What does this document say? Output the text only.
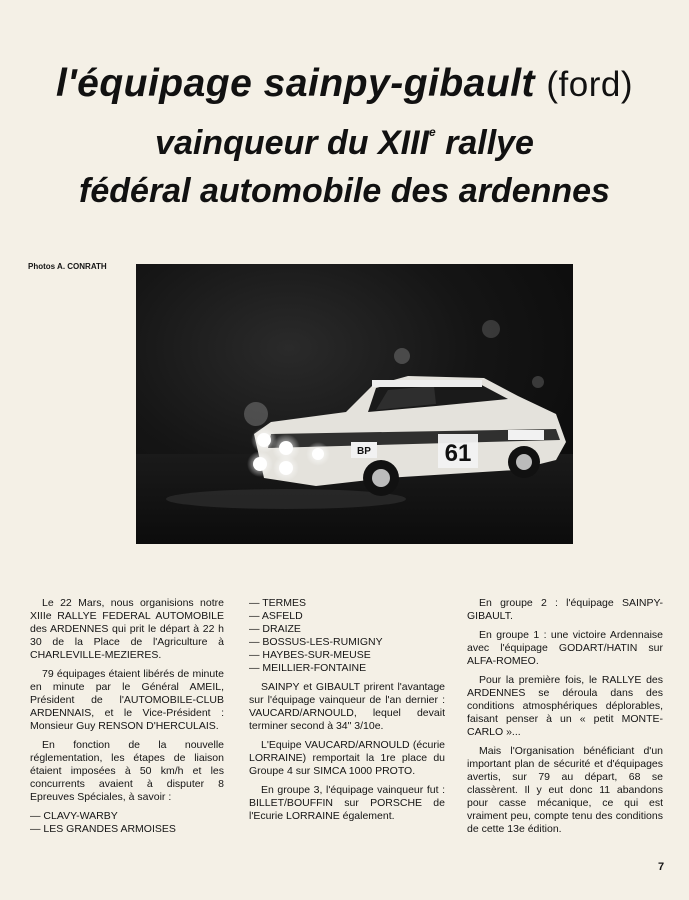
l'équipage sainpy-gibault (ford)
vainqueur du XIIIe rallye
fédéral automobile des ardennes
Photos A. CONRATH
BP	61

Le 22 Mars, nous organisions notre XIIIe RALLYE FEDERAL AUTOMOBILE des ARDENNES qui prit le départ à 22 h 30 de la Place de l'Agriculture à CHARLEVILLE-MEZIERES.

79 équipages étaient libérés de minute en minute par le Général AMEIL, Président de l'AUTOMOBILE-CLUB ARDENNAIS, et le Vice-Président : Monsieur Guy RENSON D'HERCULAIS.

En fonction de la nouvelle réglementation, les étapes de liaison étaient imposées à 50 km/h et les concurrents avaient à disputer 8 Epreuves Spéciales, à savoir :

— CLAVY-WARBY
— LES GRANDES ARMOISES
— TERMES
— ASFELD
— DRAIZE
— BOSSUS-LES-RUMIGNY
— HAYBES-SUR-MEUSE
— MEILLIER-FONTAINE

SAINPY et GIBAULT prirent l'avantage sur l'équipage vainqueur de l'an dernier : VAUCARD/ARNOULD, lequel devait terminer second à 34" 3/10e.

L'Equipe VAUCARD/ARNOULD (écurie LORRAINE) remportait la 1re place du Groupe 4 sur SIMCA 1000 PROTO.

En groupe 3, l'équipage vainqueur fut : BILLET/BOUFFIN sur PORSCHE de l'Ecurie LORRAINE également.

En groupe 2 : l'équipage SAINPY-GIBAULT.

En groupe 1 : une victoire Ardennaise avec l'équipage GODART/HATIN sur ALFA-ROMEO.

Pour la première fois, le RALLYE des ARDENNES se déroula dans des conditions atmosphériques déplorables, faisant penser à un « petit MONTE-CARLO »...

Mais l'Organisation bénéficiant d'un important plan de sécurité et d'équipages avertis, sur 79 au départ, 68 se classèrent. Il y eut donc 11 abandons pour casse mécanique, ce qui est vraiment peu, compte tenu des conditions de cette 13e édition.

7
